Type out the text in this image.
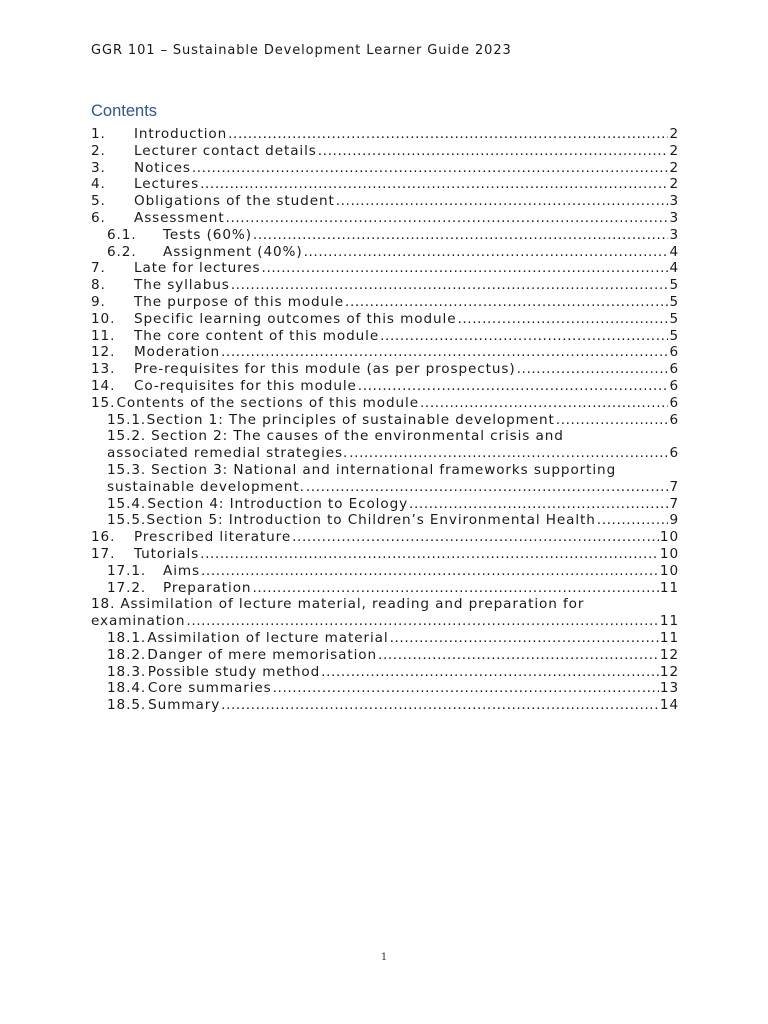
GGR 101 – Sustainable Development Learner Guide 2023
Contents
1.	Introduction .....	2
2.	Lecturer contact details .....	2
3.	Notices .....	2
4.	Lectures .....	2
5.	Obligations of the student .....	3
6.	Assessment .....	3
6.1.	Tests (60%) .....	3
6.2.	Assignment (40%) .....	4
7.	Late for lectures .....	4
8.	The syllabus .....	5
9.	The purpose of this module .....	5
10.	Specific learning outcomes of this module .....	5
11.	The core content of this module .....	5
12.	Moderation .....	6
13.	Pre-requisites for this module (as per prospectus) .....	6
14.	Co-requisites for this module .....	6
15. Contents of the sections of this module .....	6
15.1. Section 1: The principles of sustainable development .....	6
15.2. Section 2: The causes of the environmental crisis and
associated remedial strategies. .....	6
15.3. Section 3: National and international frameworks supporting
sustainable development. .....	7
15.4. Section 4: Introduction to Ecology .....	7
15.5. Section 5: Introduction to Children’s Environmental Health .....	9
16.	Prescribed literature .....	10
17.	Tutorials .....	10
17.1.	Aims .....	10
17.2.	Preparation .....	11
18. Assimilation of lecture material, reading and preparation for
examination .....	11
18.1. Assimilation of lecture material .....	11
18.2. Danger of mere memorisation .....	12
18.3. Possible study method .....	12
18.4. Core summaries .....	13
18.5. Summary .....	14
1
